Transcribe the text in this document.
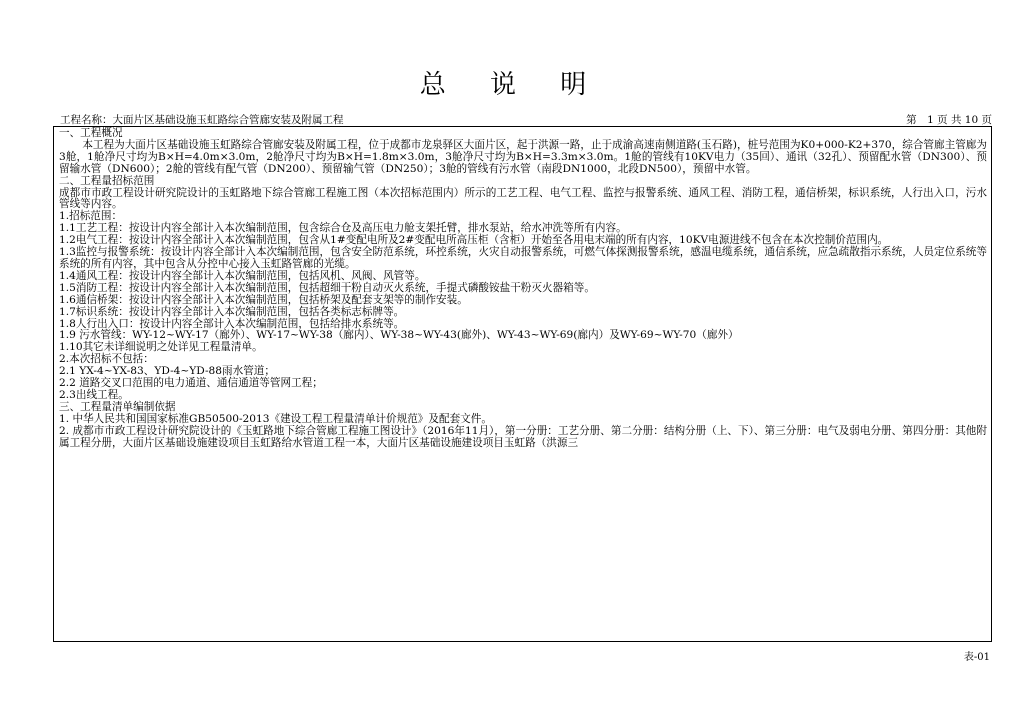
总 说 明
工程名称：大面片区基础设施玉虹路综合管廊安装及附属工程	第　1 页 共 10 页

一、工程概况

本工程为大面片区基础设施玉虹路综合管廊安装及附属工程，位于成都市龙泉驿区大面片区，起于洪源一路，止于成渝高速南侧道路(玉石路)，桩号范围为K0+000-K2+370，综合管廊主管廊为3舱，1舱净尺寸均为B×H=4.0m×3.0m，2舱净尺寸均为B×H=1.8m×3.0m，3舱净尺寸均为B×H=3.3m×3.0m。1舱的管线有10KV电力（35回）、通讯（32孔）、预留配水管（DN300）、预留输水管（DN600）；2舱的管线有配气管（DN200）、预留输气管（DN250）；3舱的管线有污水管（南段DN1000，北段DN500），预留中水管。

二、工程量招标范围

成都市市政工程设计研究院设计的玉虹路地下综合管廊工程施工图（本次招标范围内）所示的工艺工程、电气工程、监控与报警系统、通风工程、消防工程，通信桥架，标识系统，人行出入口，污水管线等内容。

1.招标范围：

1.1工艺工程：按设计内容全部计入本次编制范围，包含综合仓及高压电力舱支架托臂，排水泵站，给水冲洗等所有内容。

1.2电气工程：按设计内容全部计入本次编制范围，包含从1#变配电所及2#变配电所高压柜（含柜）开始至各用电末端的所有内容，10KV电源进线不包含在本次控制价范围内。

1.3监控与报警系统：按设计内容全部计入本次编制范围，包含安全防范系统，环控系统，火灾自动报警系统，可燃气体探测报警系统，感温电缆系统，通信系统，应急疏散指示系统，人员定位系统等系统的所有内容，其中包含从分控中心接入玉虹路管廊的光缆。

1.4通风工程：按设计内容全部计入本次编制范围，包括风机、风阀、风管等。

1.5消防工程：按设计内容全部计入本次编制范围，包括超细干粉自动灭火系统，手提式磷酸铵盐干粉灭火器箱等。

1.6通信桥架：按设计内容全部计入本次编制范围，包括桥架及配套支架等的制作安装。

1.7标识系统：按设计内容全部计入本次编制范围，包括各类标志标牌等。

1.8人行出入口：按设计内容全部计入本次编制范围，包括给排水系统等。

1.9 污水管线：WY-12~WY-17（廊外）、WY-17~WY-38（廊内）、WY-38~WY-43(廊外)、WY-43~WY-69(廊内）及WY-69~WY-70（廊外）

1.10其它未详细说明之处详见工程量清单。

2.本次招标不包括：

2.1 YX-4~YX-83、YD-4~YD-88雨水管道；

2.2 道路交叉口范围的电力通道、通信通道等管网工程；

2.3出线工程。

三、工程量清单编制依据

1. 中华人民共和国国家标准GB50500-2013《建设工程工程量清单计价规范》及配套文件。

2. 成都市市政工程设计研究院设计的《玉虹路地下综合管廊工程施工图设计》（2016年11月），第一分册：工艺分册、第二分册：结构分册（上、下）、第三分册：电气及弱电分册、第四分册：其他附属工程分册，大面片区基础设施建设项目玉虹路给水管道工程一本，大面片区基础设施建设项目玉虹路（洪源三

表-01
